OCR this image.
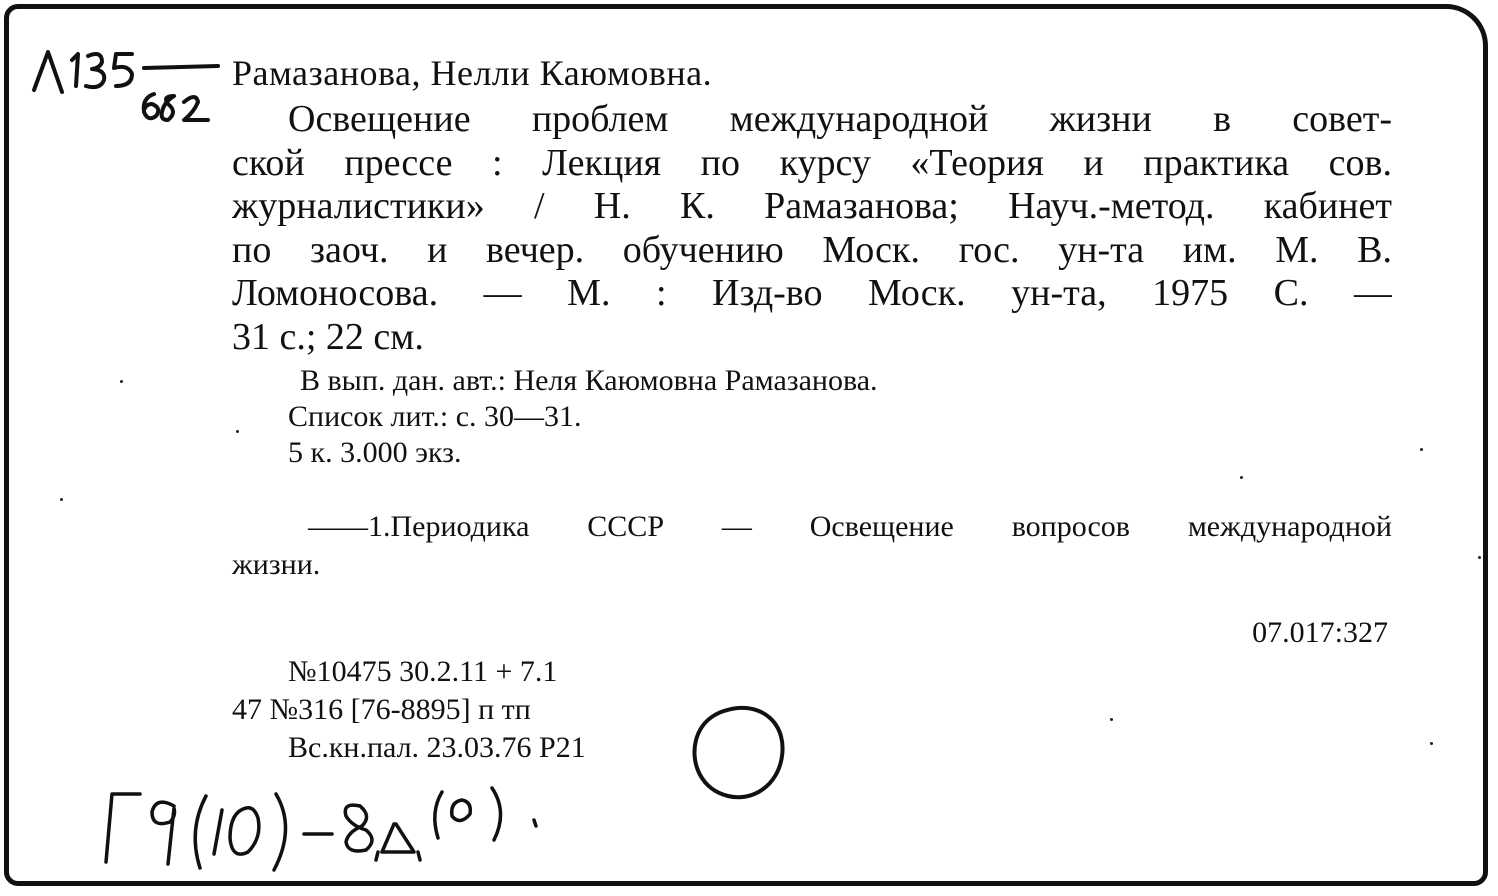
Рамазанова, Нелли Каюмовна.
Освещение проблем международной жизни в совет-
ской прессе : Лекция по курсу «Теория и практика сов.
журналистики» / Н. К. Рамазанова; Науч.-метод. кабинет
по заоч. и вечер. обучению Моск. гос. ун-та им. М. В.
Ломоносова. — М. : Изд-во Моск. ун-та, 1975 С. —
31 с.; 22 см.
В вып. дан. авт.: Неля Каюмовна Рамазанова.
Список лит.: с. 30—31.
5 к. 3.000 экз.
——1.Периодика СССР — Освещение вопросов международной
жизни.
07.017:327
№10475 30.2.11 + 7.1
47 №316 [76-8895] п тп
Вс.кн.пал. 23.03.76 Р21
